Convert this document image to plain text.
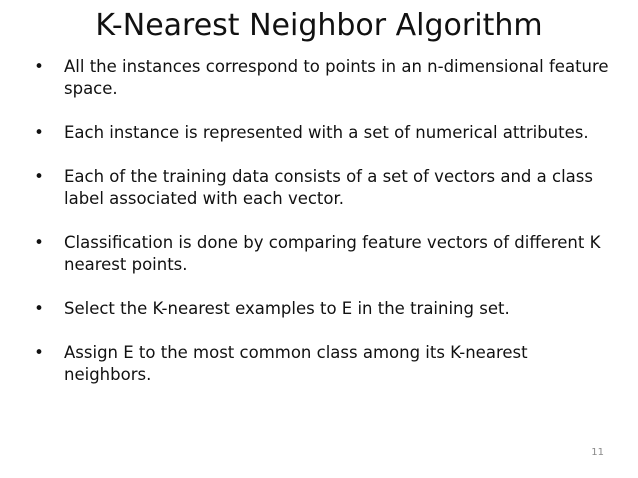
K-Nearest Neighbor Algorithm
• All the instances correspond to points in an n-dimensional feature space.
• Each instance is represented with a set of numerical attributes.
• Each of the training data consists of a set of vectors and a class label associated with each vector.
• Classification is done by comparing feature vectors of different K nearest points.
• Select the K-nearest examples to E in the training set.
• Assign E to the most common class among its K-nearest neighbors.
11
